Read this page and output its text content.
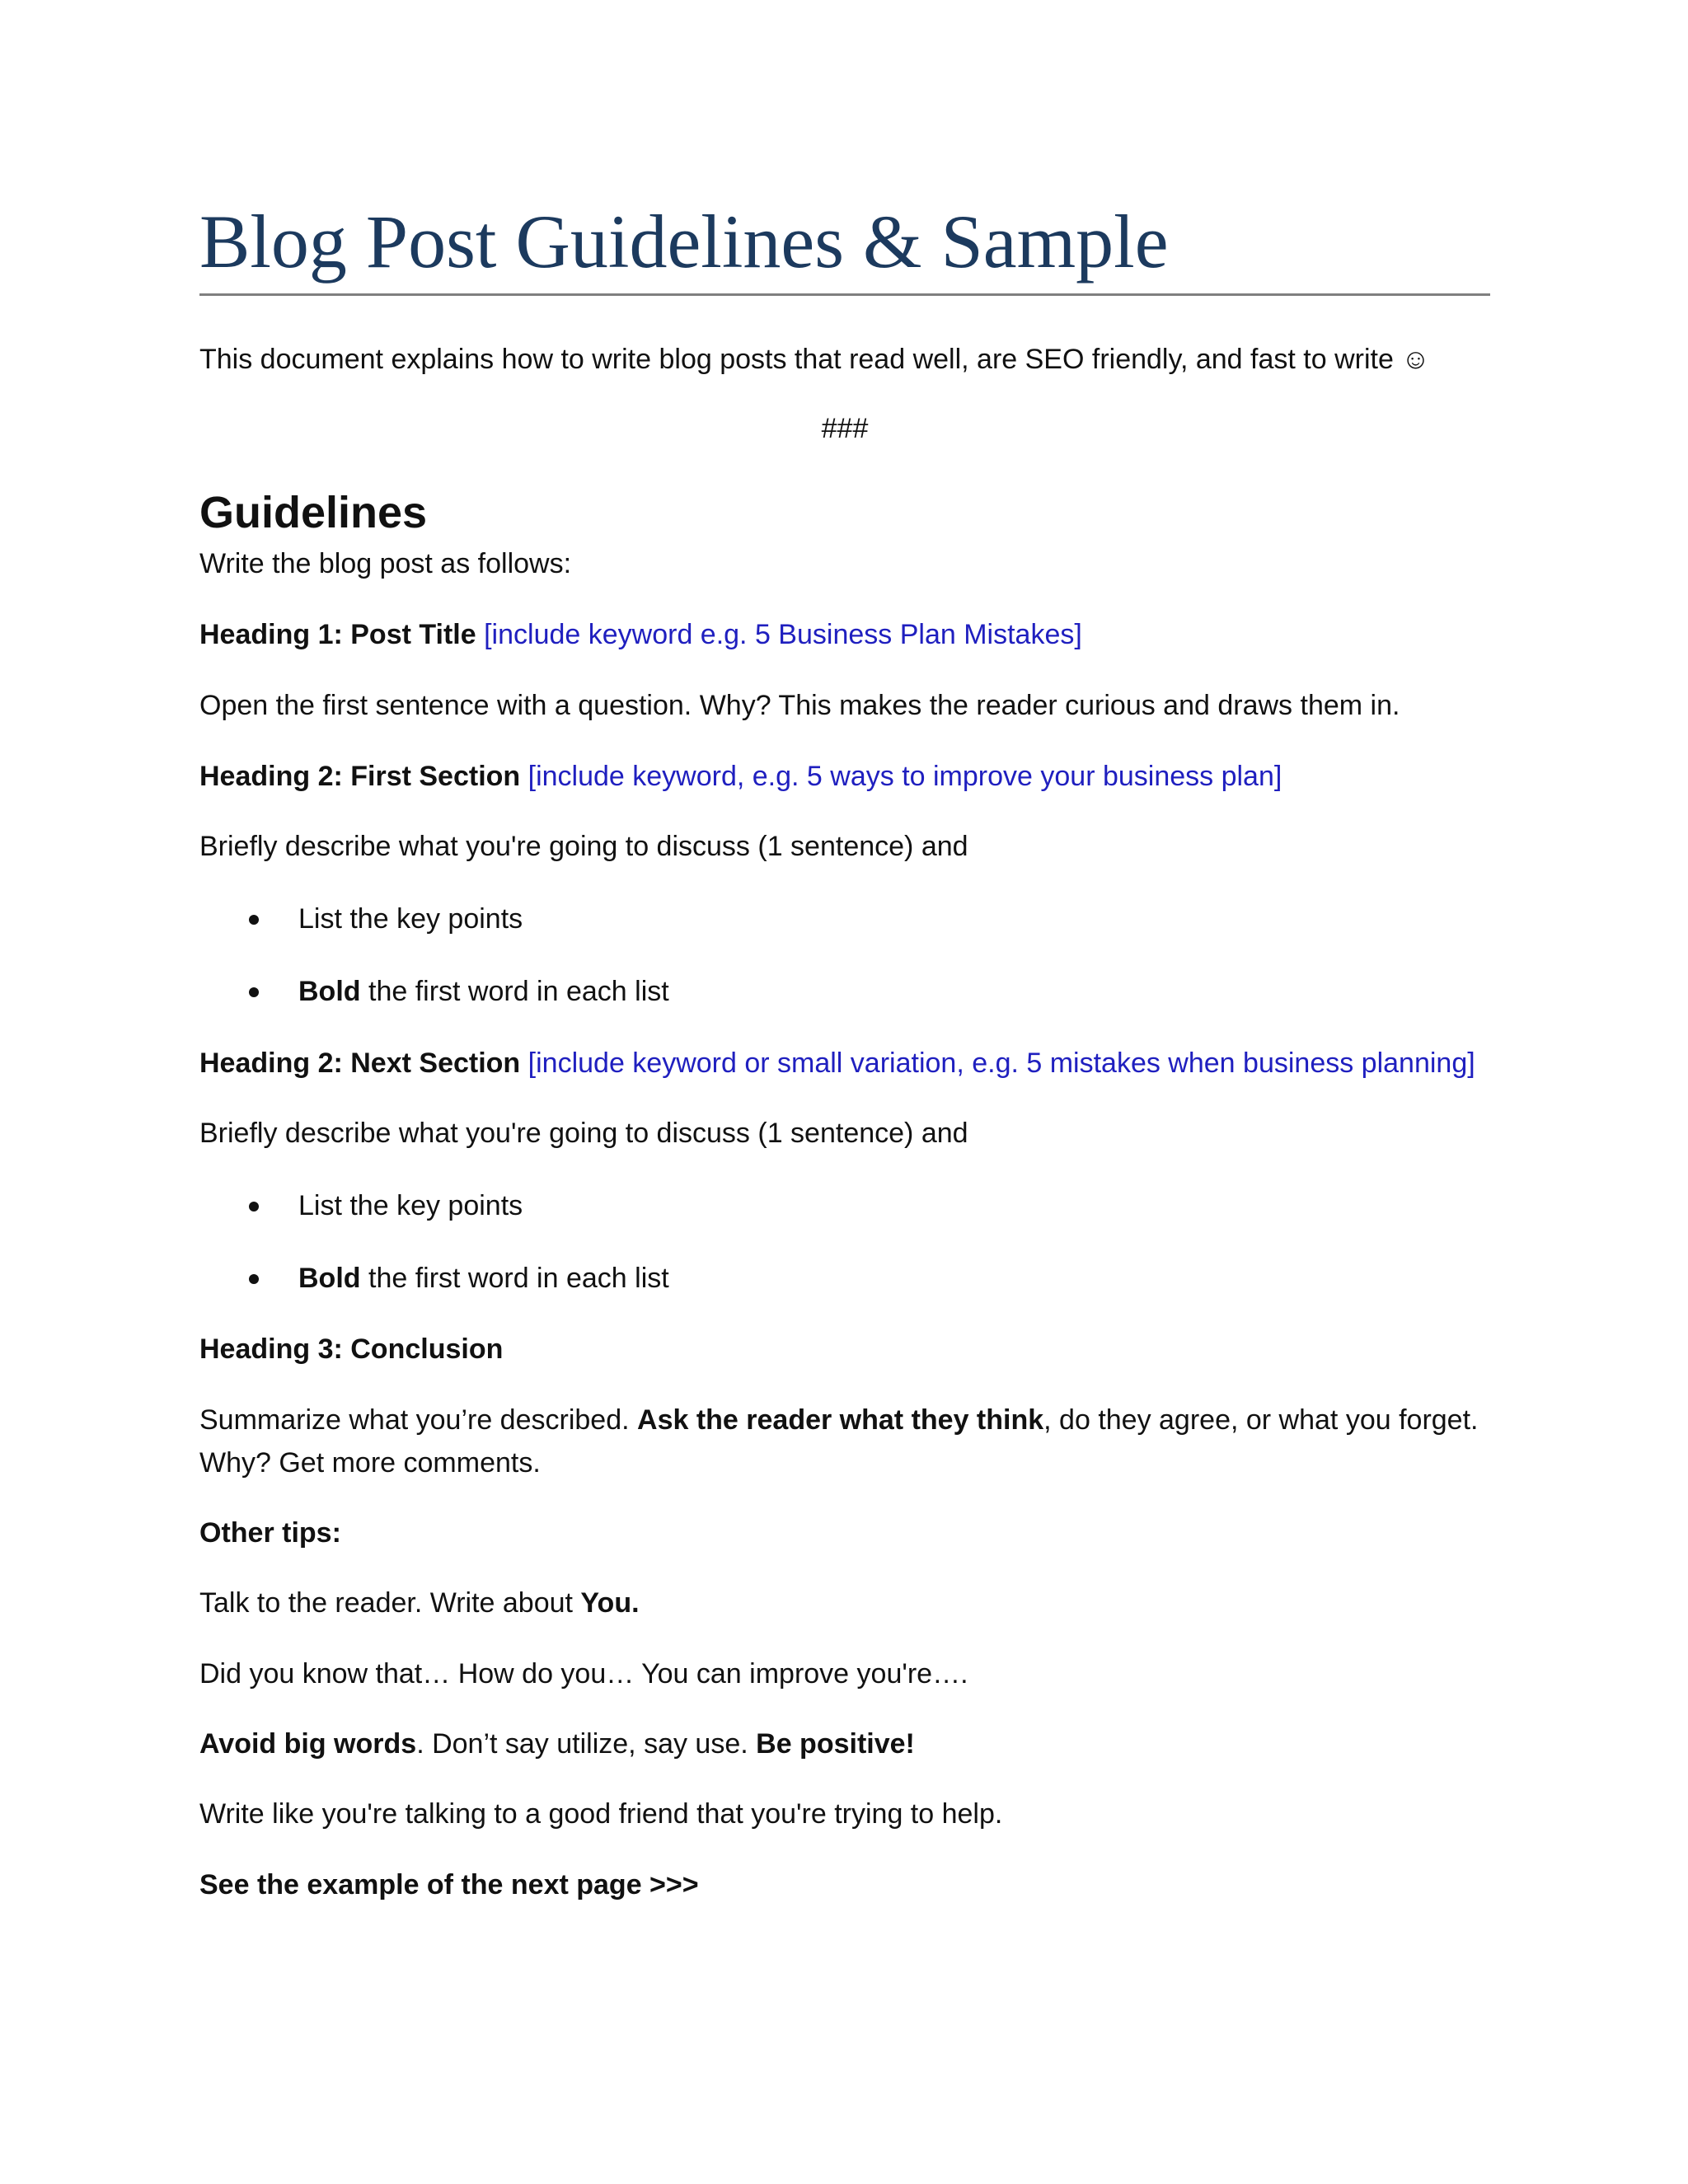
Blog Post Guidelines & Sample

This document explains how to write blog posts that read well, are SEO friendly, and fast to write ☺

###

Guidelines

Write the blog post as follows:

Heading 1: Post Title [include keyword e.g. 5 Business Plan Mistakes]

Open the first sentence with a question. Why? This makes the reader curious and draws them in.

Heading 2: First Section [include keyword, e.g. 5 ways to improve your business plan]

Briefly describe what you're going to discuss (1 sentence) and

List the key points
Bold the first word in each list

Heading 2: Next Section [include keyword or small variation, e.g. 5 mistakes when business planning]

Briefly describe what you're going to discuss (1 sentence) and

List the key points
Bold the first word in each list

Heading 3: Conclusion

Summarize what you’re described. Ask the reader what they think, do they agree, or what you forget.

Why? Get more comments.

Other tips:

Talk to the reader. Write about You.

Did you know that… How do you… You can improve you're….

Avoid big words. Don’t say utilize, say use. Be positive!

Write like you're talking to a good friend that you're trying to help.

See the example of the next page >>>
